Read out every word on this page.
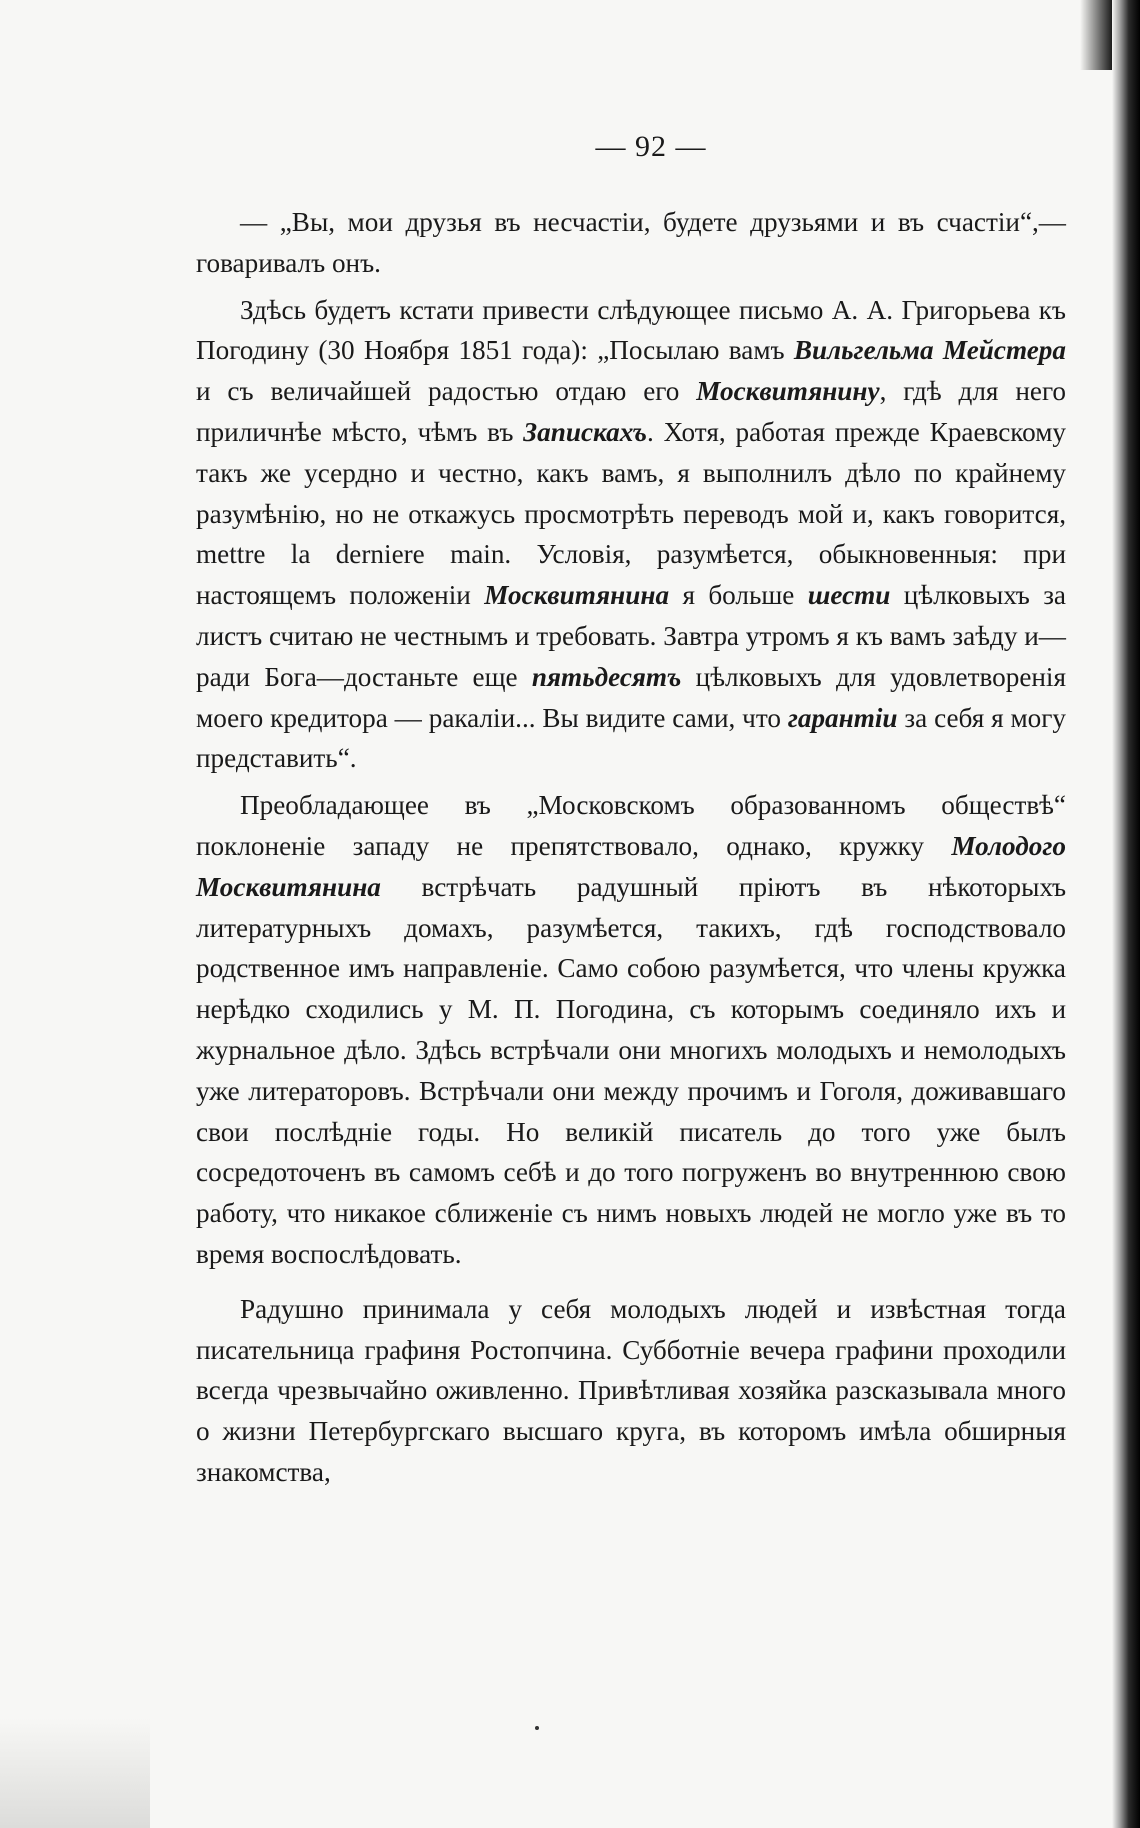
— 92 —

— „Вы, мои друзья въ несчастіи, будете друзьями и въ счастіи“,—говаривалъ онъ.

Здѣсь будетъ кстати привести слѣдующее письмо А. А. Григорьева къ Погодину (30 Ноября 1851 года): „Посылаю вамъ Вильгельма Мейстера и съ величайшей радостью отдаю его Москвитянину, гдѣ для него приличнѣе мѣсто, чѣмъ въ Запискахъ. Хотя, работая прежде Краевскому такъ же усердно и честно, какъ вамъ, я выполнилъ дѣло по крайнему разумѣнію, но не откажусь просмотрѣть переводъ мой и, какъ говорится, mettre la derniere main. Условія, разумѣется, обыкновенныя: при настоящемъ положеніи Москвитянина я больше шести цѣлковыхъ за листъ считаю не честнымъ и требовать. Завтра утромъ я къ вамъ заѣду и—ради Бога—достаньте еще пятьдесятъ цѣлковыхъ для удовлетворенія моего кредитора — ракаліи... Вы видите сами, что гарантіи за себя я могу представить“.

Преобладающее въ „Московскомъ образованномъ обществѣ“ поклоненіе западу не препятствовало, однако, кружку Молодого Москвитянина встрѣчать радушный пріютъ въ нѣкоторыхъ литературныхъ домахъ, разумѣется, такихъ, гдѣ господствовало родственное имъ направленіе. Само собою разумѣется, что члены кружка нерѣдко сходились у М. П. Погодина, съ которымъ соединяло ихъ и журнальное дѣло. Здѣсь встрѣчали они многихъ молодыхъ и немолодыхъ уже литераторовъ. Встрѣчали они между прочимъ и Гоголя, доживавшаго свои послѣдніе годы. Но великій писатель до того уже былъ сосредоточенъ въ самомъ себѣ и до того погруженъ во внутреннюю свою работу, что никакое сближеніе съ нимъ новыхъ людей не могло уже въ то время воспослѣдовать.

Радушно принимала у себя молодыхъ людей и извѣстная тогда писательница графиня Ростопчина. Субботніе вечера графини проходили всегда чрезвычайно оживленно. Привѣтливая хозяйка разсказывала много о жизни Петербургскаго высшаго круга, въ которомъ имѣла обширныя знакомства,
